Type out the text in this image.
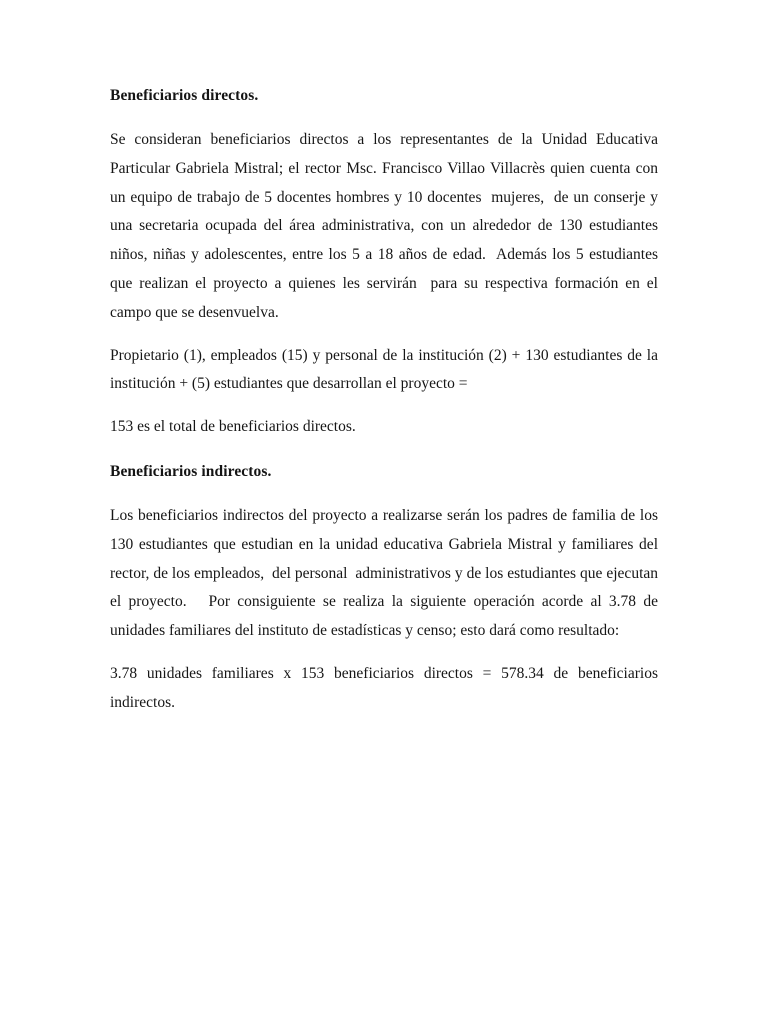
Beneficiarios directos.

Se consideran beneficiarios directos a los representantes de la Unidad Educativa Particular Gabriela Mistral; el rector Msc. Francisco Villao Villacrès quien cuenta con un equipo de trabajo de 5 docentes hombres y 10 docentes  mujeres,  de un conserje y una secretaria ocupada del área administrativa, con un alrededor de 130 estudiantes niños, niñas y adolescentes, entre los 5 a 18 años de edad.  Además los 5 estudiantes que realizan el proyecto a quienes les servirán  para su respectiva formación en el campo que se desenvuelva.

Propietario (1), empleados (15) y personal de la institución (2) + 130 estudiantes de la institución + (5) estudiantes que desarrollan el proyecto =

153 es el total de beneficiarios directos.

Beneficiarios indirectos.

Los beneficiarios indirectos del proyecto a realizarse serán los padres de familia de los 130 estudiantes que estudian en la unidad educativa Gabriela Mistral y familiares del rector, de los empleados,  del personal  administrativos y de los estudiantes que ejecutan el proyecto.   Por consiguiente se realiza la siguiente operación acorde al 3.78 de unidades familiares del instituto de estadísticas y censo; esto dará como resultado:

3.78 unidades familiares x 153 beneficiarios directos = 578.34 de beneficiarios indirectos.
